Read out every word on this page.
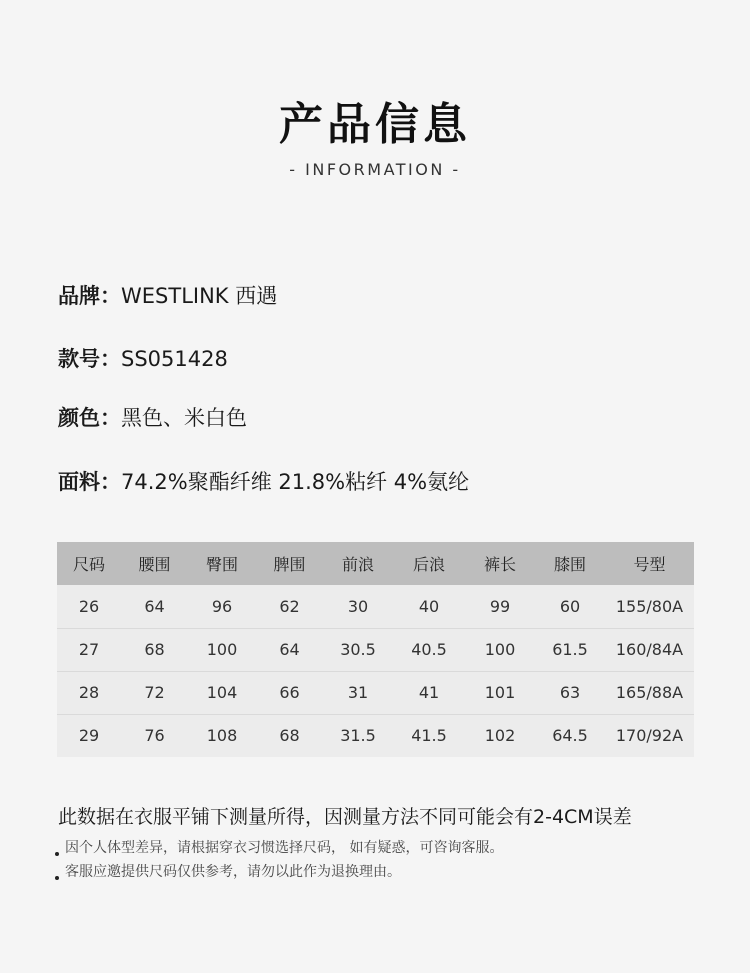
产品信息
- INFORMATION -
品牌：WESTLINK 西遇
款号：SS051428
颜色：黑色、米白色
面料：74.2%聚酯纤维 21.8%粘纤 4%氨纶
尺码	腰围	臀围	脾围	前浪	后浪	裤长	膝围	号型
26	64	96	62	30	40	99	60	155/80A
27	68	100	64	30.5	40.5	100	61.5	160/84A
28	72	104	66	31	41	101	63	165/88A
29	76	108	68	31.5	41.5	102	64.5	170/92A
此数据在衣服平铺下测量所得，因测量方法不同可能会有2-4CM误差
因个人体型差异，请根据穿衣习惯选择尺码， 如有疑惑，可咨询客服。
客服应邀提供尺码仅供参考，请勿以此作为退换理由。
